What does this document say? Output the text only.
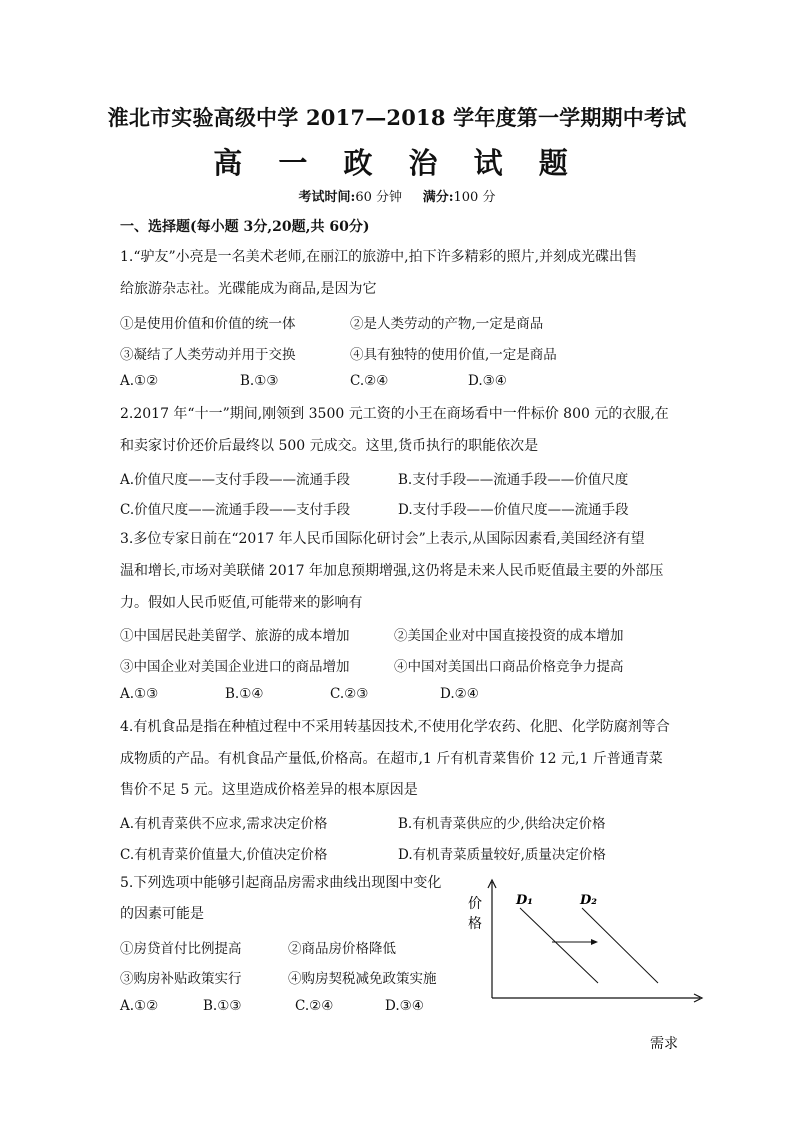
淮北市实验高级中学 2017—2018 学年度第一学期期中考试
高 一 政 治 试 题
考试时间:60 分钟 满分:100 分
一、选择题(每小题 3分,20题,共 60分)
1.“驴友”小亮是一名美术老师,在丽江的旅游中,拍下许多精彩的照片,并刻成光碟出售
给旅游杂志社。光碟能成为商品,是因为它
①是使用价值和价值的统一体	②是人类劳动的产物,一定是商品
③凝结了人类劳动并用于交换	④具有独特的使用价值,一定是商品
A.①②	B.①③	C.②④	D.③④
2.2017 年“十一”期间,刚领到 3500 元工资的小王在商场看中一件标价 800 元的衣服,在
和卖家讨价还价后最终以 500 元成交。这里,货币执行的职能依次是
A.价值尺度——支付手段——流通手段	B.支付手段——流通手段——价值尺度
C.价值尺度——流通手段——支付手段	D.支付手段——价值尺度——流通手段
3.多位专家日前在“2017 年人民币国际化研讨会”上表示,从国际因素看,美国经济有望
温和增长,市场对美联储 2017 年加息预期增强,这仍将是未来人民币贬值最主要的外部压
力。假如人民币贬值,可能带来的影响有
①中国居民赴美留学、旅游的成本增加	②美国企业对中国直接投资的成本增加
③中国企业对美国企业进口的商品增加	④中国对美国出口商品价格竞争力提高
A.①③	B.①④	C.②③	D.②④
4.有机食品是指在种植过程中不采用转基因技术,不使用化学农药、化肥、化学防腐剂等合
成物质的产品。有机食品产量低,价格高。在超市,1 斤有机青菜售价 12 元,1 斤普通青菜
售价不足 5 元。这里造成价格差异的根本原因是
A.有机青菜供不应求,需求决定价格	B.有机青菜供应的少,供给决定价格
C.有机青菜价值量大,价值决定价格	D.有机青菜质量较好,质量决定价格
5.下列选项中能够引起商品房需求曲线出现图中变化
的因素可能是
①房贷首付比例提高	②商品房价格降低
③购房补贴政策实行	④购房契税减免政策实施
A.①②	B.①③	C.②④	D.③④
价
格
需求
D₁	D₂
